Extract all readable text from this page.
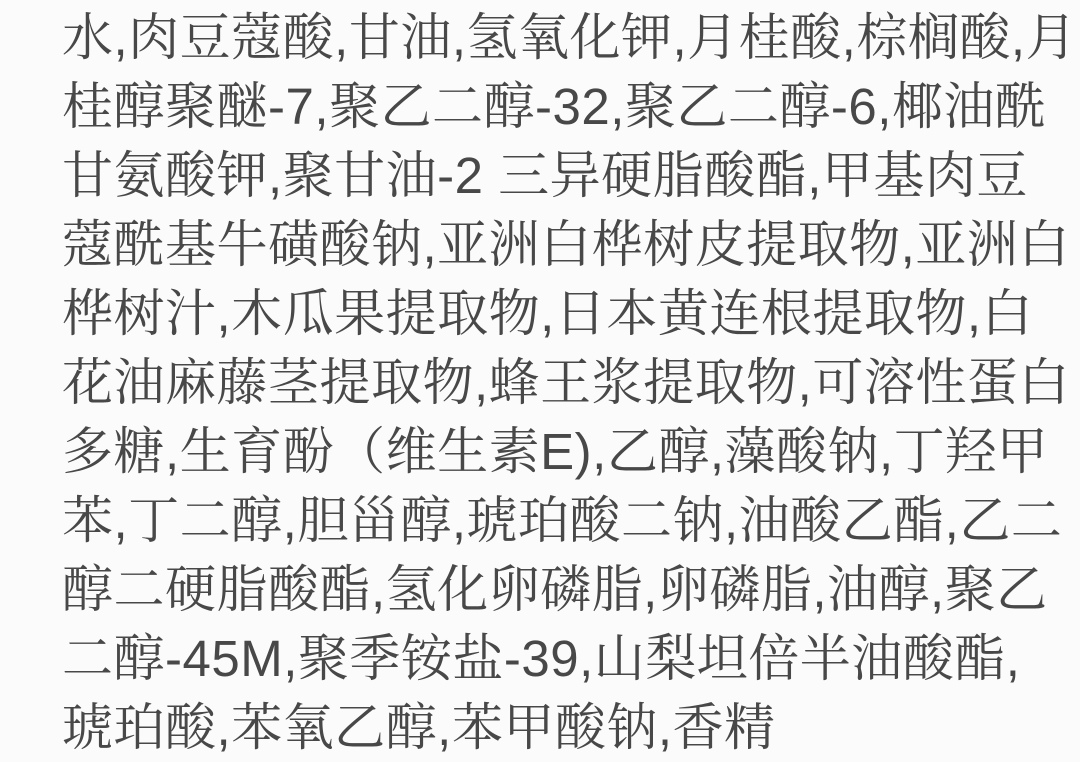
水,肉豆蔻酸,甘油,氢氧化钾,月桂酸,棕榈酸,月

桂醇聚醚-7,聚乙二醇-32,聚乙二醇-6,椰油酰

甘氨酸钾,聚甘油-2 三异硬脂酸酯,甲基肉豆

蔻酰基牛磺酸钠,亚洲白桦树皮提取物,亚洲白

桦树汁,木瓜果提取物,日本黄连根提取物,白

花油麻藤茎提取物,蜂王浆提取物,可溶性蛋白

多糖,生育酚（维生素E),乙醇,藻酸钠,丁羟甲

苯,丁二醇,胆甾醇,琥珀酸二钠,油酸乙酯,乙二

醇二硬脂酸酯,氢化卵磷脂,卵磷脂,油醇,聚乙

二醇-45M,聚季铵盐-39,山梨坦倍半油酸酯,

琥珀酸,苯氧乙醇,苯甲酸钠,香精
